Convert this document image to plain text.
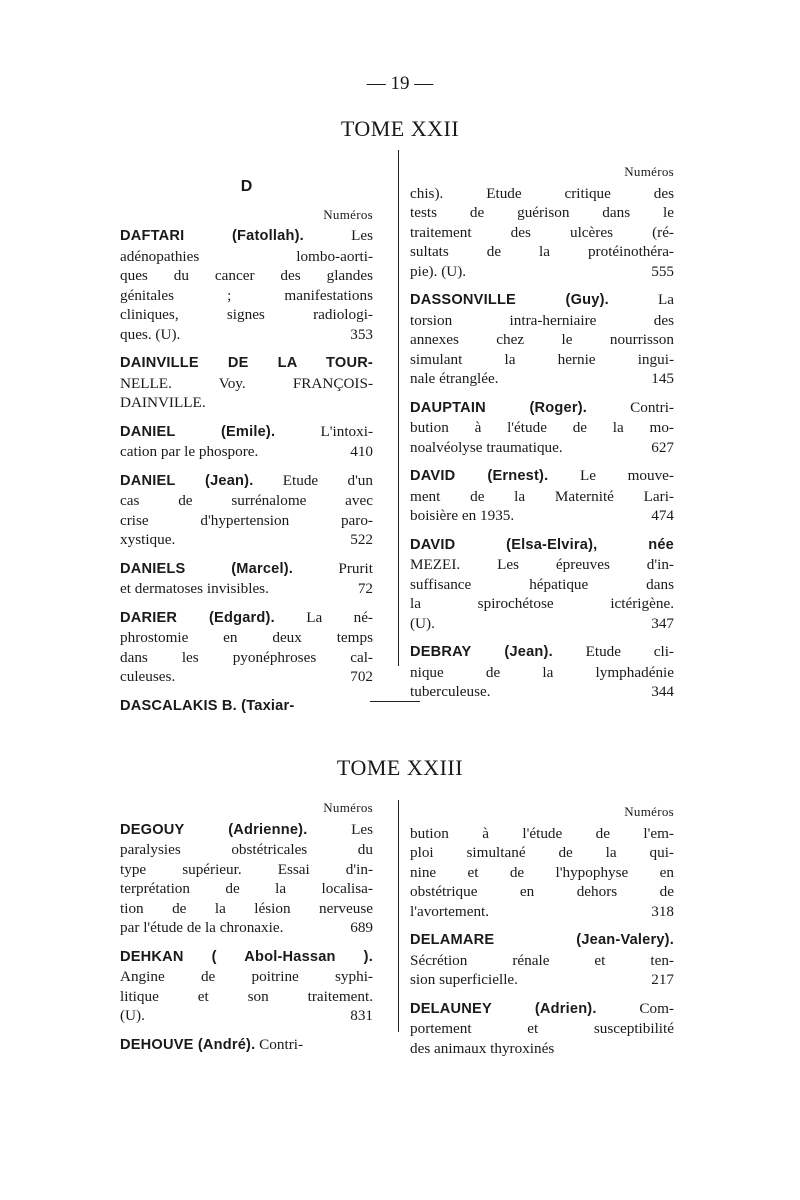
— 19 —
TOME XXII
D
Numéros
DAFTARI (Fatollah). Les
adénopathies lombo-aorti-
ques du cancer des glandes
génitales ; manifestations
cliniques, signes radiologi-
ques. (U).	353
DAINVILLE DE LA TOUR-
NELLE. Voy. FRANÇOIS-
DAINVILLE.
DANIEL (Emile). L'intoxi-
cation par le phospore.	410
DANIEL (Jean). Etude d'un
cas de surrénalome avec
crise d'hypertension paro-
xystique.	522
DANIELS (Marcel). Prurit
et dermatoses invisibles.	72
DARIER (Edgard). La né-
phrostomie en deux temps
dans les pyonéphroses cal-
culeuses.	702
DASCALAKIS B. (Taxiar-
Numéros
chis). Etude critique des
tests de guérison dans le
traitement des ulcères (ré-
sultats de la protéinothéra-
pie). (U).	555
DASSONVILLE (Guy). La
torsion intra-herniaire des
annexes chez le nourrisson
simulant la hernie ingui-
nale étranglée.	145
DAUPTAIN (Roger). Contri-
bution à l'étude de la mo-
noalvéolyse traumatique.	627
DAVID (Ernest). Le mouve-
ment de la Maternité Lari-
boisière en 1935.	474
DAVID (Elsa-Elvira), née
MEZEI. Les épreuves d'in-
suffisance hépatique dans
la spirochétose ictérigène.
(U).	347
DEBRAY (Jean). Etude cli-
nique de la lymphadénie
tuberculeuse.	344
TOME XXIII
Numéros
DEGOUY (Adrienne). Les
paralysies obstétricales du
type supérieur. Essai d'in-
terprétation de la localisa-
tion de la lésion nerveuse
par l'étude de la chronaxie.	689
DEHKAN ( Abol-Hassan ).
Angine de poitrine syphi-
litique et son traitement.
(U).	831
DEHOUVE (André). Contri-
Numéros
bution à l'étude de l'em-
ploi simultané de la qui-
nine et de l'hypophyse en
obstétrique en dehors de
l'avortement.	318
DELAMARE (Jean-Valery).
Sécrétion rénale et ten-
sion superficielle.	217
DELAUNEY (Adrien). Com-
portement et susceptibilité
des animaux thyroxinés
